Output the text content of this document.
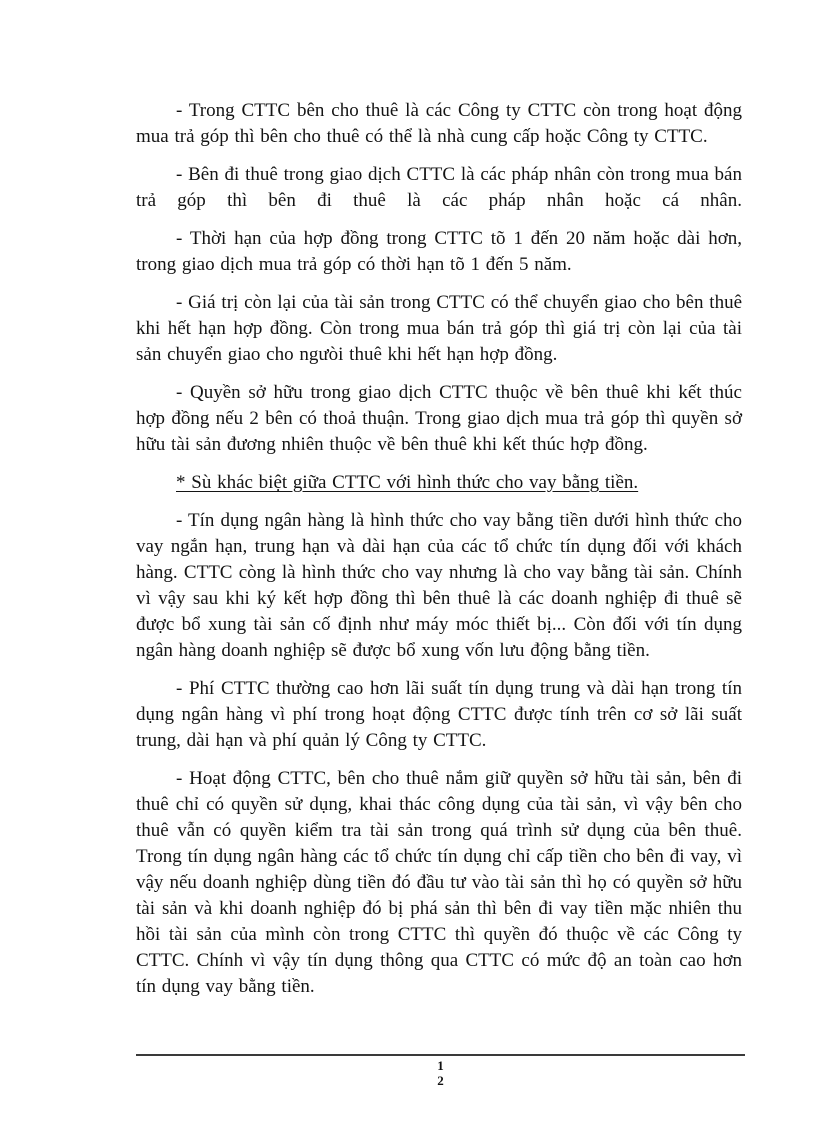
- Trong CTTC bên cho thuê là các Công ty CTTC còn trong hoạt động mua trả góp thì bên cho thuê có thể là nhà cung cấp hoặc Công ty CTTC.

- Bên đi thuê trong giao dịch CTTC là các pháp nhân còn trong mua bán trả góp thì bên đi thuê là các pháp nhân hoặc cá nhân.

- Thời hạn của hợp đồng trong CTTC tõ 1 đến 20 năm hoặc dài hơn, trong giao dịch mua trả góp có thời hạn tõ 1 đến 5 năm.

- Giá trị còn lại của tài sản trong CTTC có thể chuyển giao cho bên thuê khi hết hạn hợp đồng. Còn trong mua bán trả góp thì giá trị còn lại của tài sản chuyển giao cho ngưòi thuê khi hết hạn hợp đồng.

- Quyền sở hữu trong giao dịch CTTC thuộc về bên thuê khi kết thúc hợp đồng nếu 2 bên có thoả thuận. Trong giao dịch mua trả góp thì quyền sở hữu tài sản đương nhiên thuộc về bên thuê khi kết thúc hợp đồng.

* Sù khác biệt giữa CTTC với hình thức cho vay bằng tiền.

- Tín dụng ngân hàng là hình thức cho vay bằng tiền dưới hình thức cho vay ngắn hạn, trung hạn và dài hạn của các tổ chức tín dụng đối với khách hàng. CTTC còng là hình thức cho vay nhưng là cho vay bằng tài sản. Chính vì vậy sau khi ký kết hợp đồng thì bên thuê là các doanh nghiệp đi thuê sẽ được bổ xung tài sản cố định như máy móc thiết bị... Còn đối với tín dụng ngân hàng doanh nghiệp sẽ được bổ xung vốn lưu động bằng tiền.

- Phí CTTC thường cao hơn lãi suất tín dụng trung và dài hạn trong tín dụng ngân hàng vì phí trong hoạt động CTTC được tính trên cơ sở lãi suất trung, dài hạn và phí quản lý Công ty CTTC.

- Hoạt động CTTC, bên cho thuê nắm giữ quyền sở hữu tài sản, bên đi thuê chỉ có quyền sử dụng, khai thác công dụng của tài sản, vì vậy bên cho thuê vẫn có quyền kiểm tra tài sản trong quá trình sử dụng của bên thuê. Trong tín dụng ngân hàng các tổ chức tín dụng chỉ cấp tiền cho bên đi vay, vì vậy nếu doanh nghiệp dùng tiền đó đầu tư vào tài sản thì họ có quyền sở hữu tài sản và khi doanh nghiệp đó bị phá sản thì bên đi vay tiền mặc nhiên thu hồi tài sản của mình còn trong CTTC thì quyền đó thuộc về các Công ty CTTC. Chính vì vậy tín dụng thông qua CTTC có mức độ an toàn cao hơn tín dụng vay bằng tiền.

1
2
